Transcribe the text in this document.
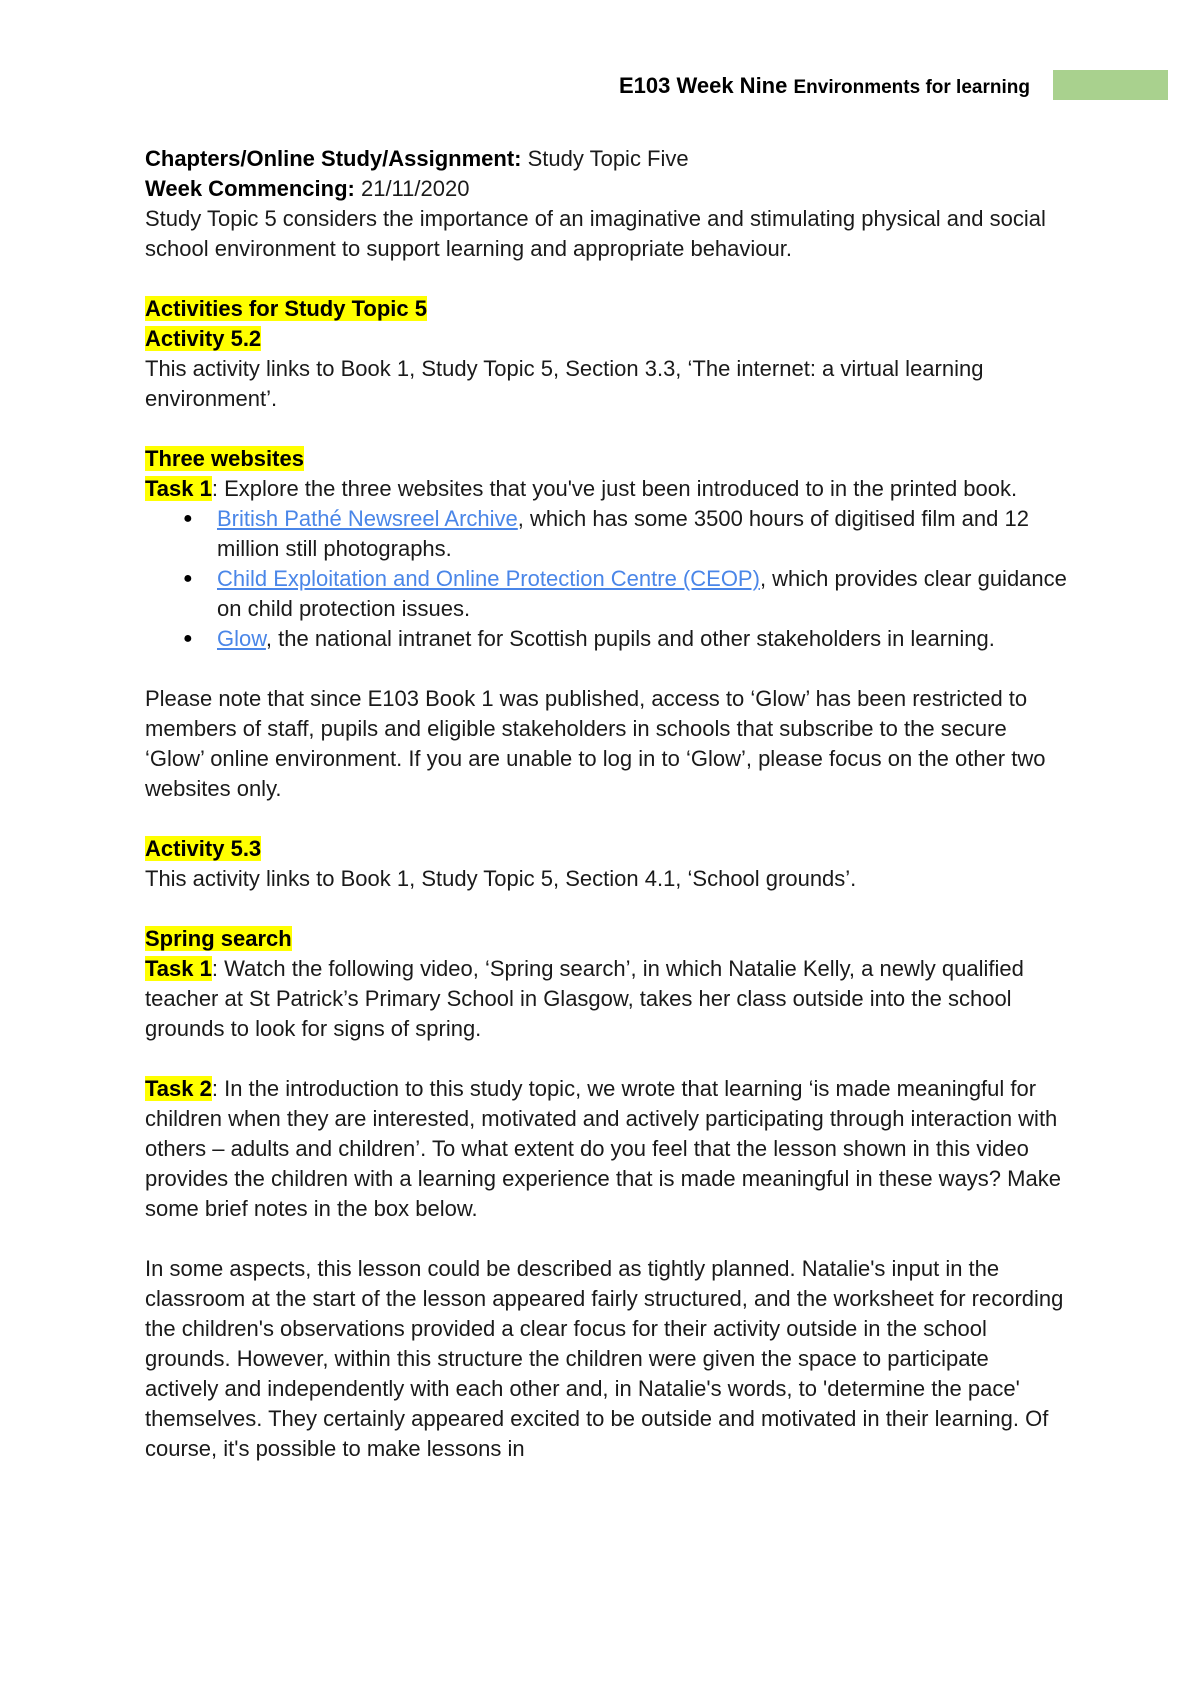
E103 Week Nine Environments for learning

Chapters/Online Study/Assignment: Study Topic Five

Week Commencing: 21/11/2020

Study Topic 5 considers the importance of an imaginative and stimulating physical and social school environment to support learning and appropriate behaviour.

Activities for Study Topic 5

Activity 5.2

This activity links to Book 1, Study Topic 5, Section 3.3, ‘The internet: a virtual learning environment’.

Three websites

Task 1: Explore the three websites that you've just been introduced to in the printed book.

● British Pathé Newsreel Archive, which has some 3500 hours of digitised film and 12 million still photographs.
● Child Exploitation and Online Protection Centre (CEOP), which provides clear guidance on child protection issues.
● Glow, the national intranet for Scottish pupils and other stakeholders in learning.

Please note that since E103 Book 1 was published, access to ‘Glow’ has been restricted to members of staff, pupils and eligible stakeholders in schools that subscribe to the secure ‘Glow’ online environment. If you are unable to log in to ‘Glow’, please focus on the other two websites only.

Activity 5.3

This activity links to Book 1, Study Topic 5, Section 4.1, ‘School grounds’.

Spring search

Task 1: Watch the following video, ‘Spring search’, in which Natalie Kelly, a newly qualified teacher at St Patrick’s Primary School in Glasgow, takes her class outside into the school grounds to look for signs of spring.

Task 2: In the introduction to this study topic, we wrote that learning ‘is made meaningful for children when they are interested, motivated and actively participating through interaction with others – adults and children’. To what extent do you feel that the lesson shown in this video provides the children with a learning experience that is made meaningful in these ways? Make some brief notes in the box below.

In some aspects, this lesson could be described as tightly planned. Natalie's input in the classroom at the start of the lesson appeared fairly structured, and the worksheet for recording the children's observations provided a clear focus for their activity outside in the school grounds. However, within this structure the children were given the space to participate actively and independently with each other and, in Natalie's words, to 'determine the pace' themselves. They certainly appeared excited to be outside and motivated in their learning. Of course, it's possible to make lessons in
